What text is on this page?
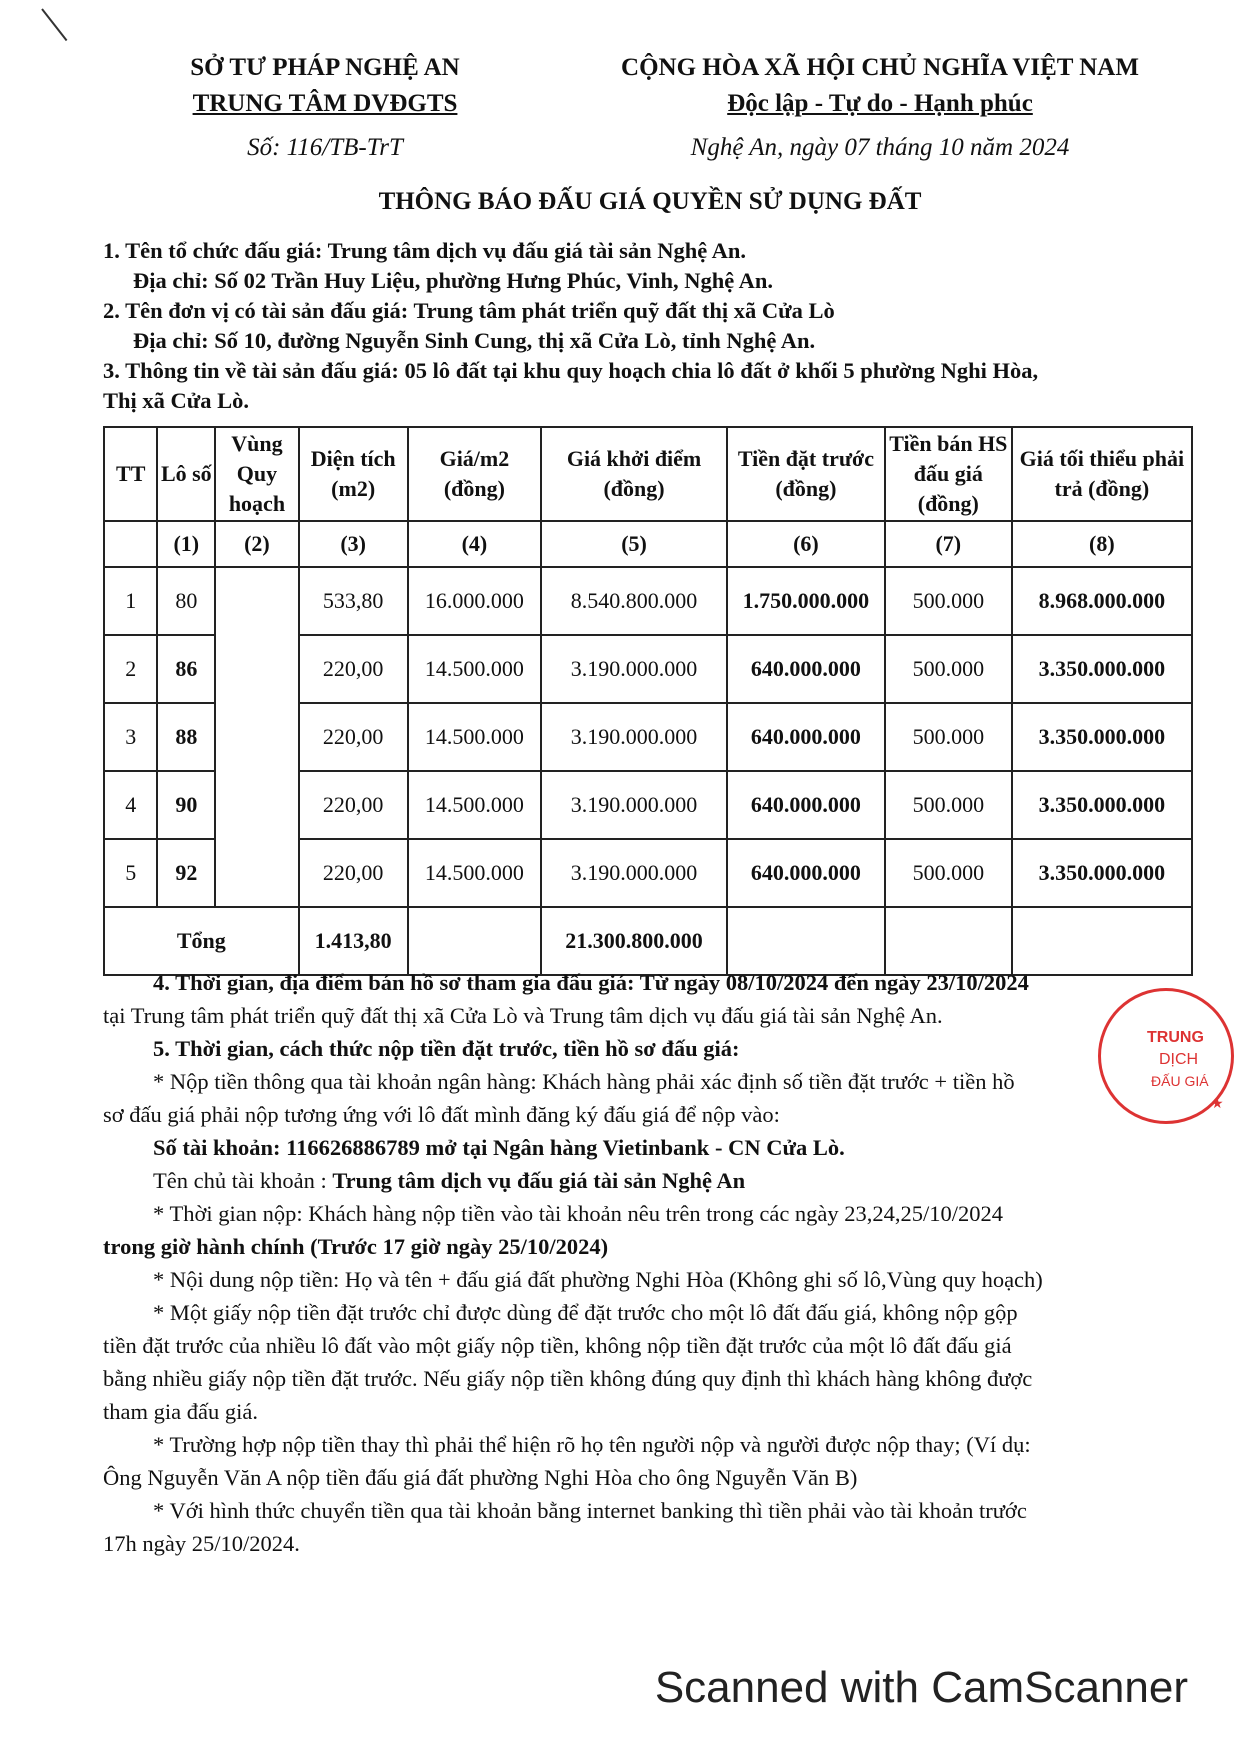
SỞ TƯ PHÁP NGHỆ AN
TRUNG TÂM DVĐGTS
Số: 116/TB-TrT
CỘNG HÒA XÃ HỘI CHỦ NGHĨA VIỆT NAM
Độc lập - Tự do - Hạnh phúc
Nghệ An, ngày 07 tháng 10 năm 2024
THÔNG BÁO ĐẤU GIÁ QUYỀN SỬ DỤNG ĐẤT
1. Tên tổ chức đấu giá: Trung tâm dịch vụ đấu giá tài sản Nghệ An.
Địa chỉ: Số 02 Trần Huy Liệu, phường Hưng Phúc, Vinh, Nghệ An.
2. Tên đơn vị có tài sản đấu giá: Trung tâm phát triển quỹ đất thị xã Cửa Lò
Địa chỉ: Số 10, đường Nguyễn Sinh Cung, thị xã Cửa Lò, tỉnh Nghệ An.
3. Thông tin về tài sản đấu giá: 05 lô đất tại khu quy hoạch chia lô đất ở khối 5 phường Nghi Hòa,
Thị xã Cửa Lò.
TT	Lô số	Vùng Quy hoạch	Diện tích (m2)	Giá/m2 (đồng)	Giá khởi điểm (đồng)	Tiền đặt trước (đồng)	Tiền bán HS đấu giá (đồng)	Giá tối thiểu phải trả (đồng)
	(1)	(2)	(3)	(4)	(5)	(6)	(7)	(8)
1	80		533,80	16.000.000	8.540.800.000	1.750.000.000	500.000	8.968.000.000
2	86		220,00	14.500.000	3.190.000.000	640.000.000	500.000	3.350.000.000
3	88		220,00	14.500.000	3.190.000.000	640.000.000	500.000	3.350.000.000
4	90		220,00	14.500.000	3.190.000.000	640.000.000	500.000	3.350.000.000
5	92		220,00	14.500.000	3.190.000.000	640.000.000	500.000	3.350.000.000
Tổng			1.413,80		21.300.800.000			
4. Thời gian, địa điểm bán hồ sơ tham gia đấu giá: Từ ngày 08/10/2024 đến ngày 23/10/2024
tại Trung tâm phát triển quỹ đất thị xã Cửa Lò và Trung tâm dịch vụ đấu giá tài sản Nghệ An.
5. Thời gian, cách thức nộp tiền đặt trước, tiền hồ sơ đấu giá:
* Nộp tiền thông qua tài khoản ngân hàng: Khách hàng phải xác định số tiền đặt trước + tiền hồ
sơ đấu giá phải nộp tương ứng với lô đất mình đăng ký đấu giá để nộp vào:
Số tài khoản: 116626886789 mở tại Ngân hàng Vietinbank - CN Cửa Lò.
Tên chủ tài khoản : Trung tâm dịch vụ đấu giá tài sản Nghệ An
* Thời gian nộp: Khách hàng nộp tiền vào tài khoản nêu trên trong các ngày 23,24,25/10/2024
trong giờ hành chính (Trước 17 giờ ngày 25/10/2024)
* Nội dung nộp tiền: Họ và tên + đấu giá đất phường Nghi Hòa (Không ghi số lô,Vùng quy hoạch)
* Một giấy nộp tiền đặt trước chỉ được dùng để đặt trước cho một lô đất đấu giá, không nộp gộp
tiền đặt trước của nhiều lô đất vào một giấy nộp tiền, không nộp tiền đặt trước của một lô đất đấu giá
bằng nhiều giấy nộp tiền đặt trước. Nếu giấy nộp tiền không đúng quy định thì khách hàng không được
tham gia đấu giá.
* Trường hợp nộp tiền thay thì phải thể hiện rõ họ tên người nộp và người được nộp thay; (Ví dụ:
Ông Nguyễn Văn A nộp tiền đấu giá đất phường Nghi Hòa cho ông Nguyễn Văn B)
* Với hình thức chuyển tiền qua tài khoản bằng internet banking thì tiền phải vào tài khoản trước
17h ngày 25/10/2024.
TRUNG
DỊCH
ĐẤU GIÁ
★
Scanned with CamScanner
